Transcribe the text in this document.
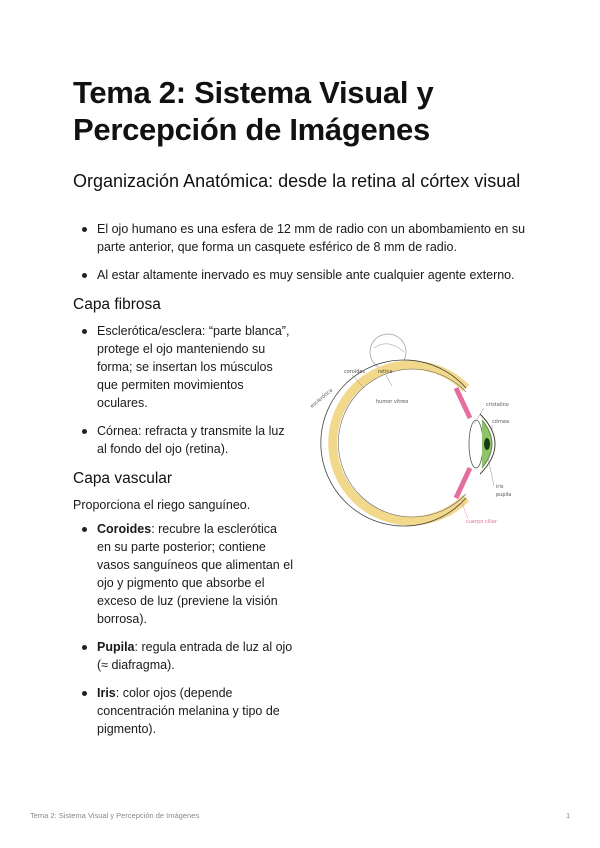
Tema 2: Sistema Visual y Percepción de Imágenes
Organización Anatómica: desde la retina al córtex visual
El ojo humano es una esfera de 12 mm de radio con un abombamiento en su parte anterior, que forma un casquete esférico de 8 mm de radio.
Al estar altamente inervado es muy sensible ante cualquier agente externo.
Capa fibrosa
Esclerótica/esclera: “parte blanca”, protege el ojo manteniendo su forma; se insertan los músculos que permiten movimientos oculares.
Córnea: refracta y transmite la luz al fondo del ojo (retina).
Capa vascular

Proporciona el riego sanguíneo.

Coroides: recubre la esclerótica en su parte posterior; contiene vasos sanguíneos que alimentan el ojo y pigmento que absorbe el exceso de luz (previene la visión borrosa).
Pupila: regula entrada de luz al ojo (≈ diafragma).
Iris: color ojos (depende concentración melanina y tipo de pigmento).
humor vítreo
coroides	retina
esclerótica	cristalino
córnea
iris
pupila
cuerpo ciliar
Tema 2: Sistema Visual y Percepción de Imágenes	1
